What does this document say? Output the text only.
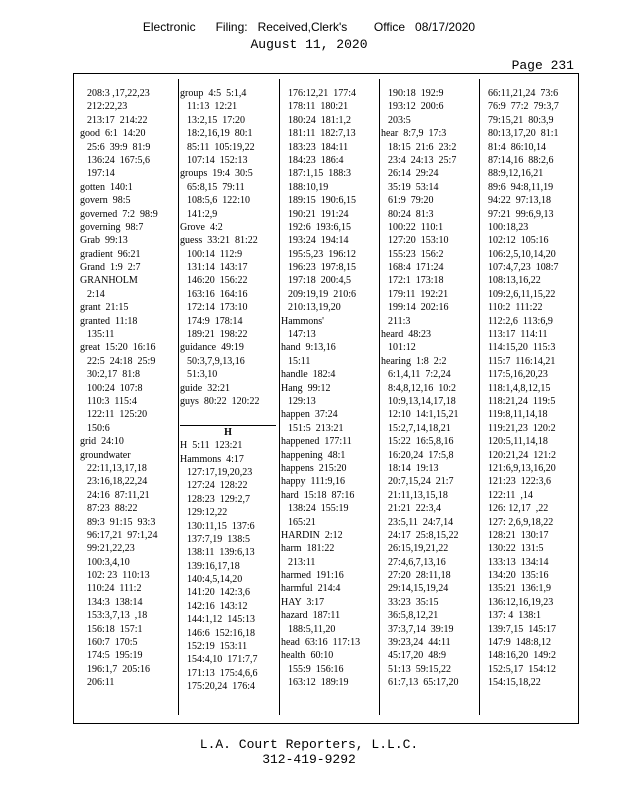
Electronic      Filing:   Received,Clerk's        Office   08/17/2020
August 11, 2020
Page 231
208:3 ,17,22,23
212:22,23
213:17  214:22
good  6:1  14:20
25:6  39:9  81:9
136:24  167:5,6
197:14
gotten  140:1
govern  98:5
governed  7:2  98:9
governing  98:7
Grab  99:13
gradient  96:21
Grand  1:9  2:7
GRANHOLM
2:14
grant  21:15
granted  11:18
135:11
great  15:20  16:16
22:5  24:18  25:9
30:2,17  81:8
100:24  107:8
110:3  115:4
122:11  125:20
150:6
grid  24:10
groundwater
22:11,13,17,18
23:16,18,22,24
24:16  87:11,21
87:23  88:22
89:3  91:15  93:3
96:17,21  97:1,24
99:21,22,23
100:3,4,10
102: 23  110:13
110:24  111:2
134:3  138:14
153:3,7,13  ,18
156:18  157:1
160:7  170:5
174:5  195:19
196:1,7  205:16
206:11
group  4:5  5:1,4
11:13  12:21
13:2,15  17:20
18:2,16,19  80:1
85:11  105:19,22
107:14  152:13
groups  19:4  30:5
65:8,15  79:11
108:5,6  122:10
141:2,9
Grove  4:2
guess  33:21  81:22
100:14  112:9
131:14  143:17
146:20  156:22
163:16  164:16
172:14  173:10
174:9  178:14
189:21  198:22
guidance  49:19
50:3,7,9,13,16
51:3,10
guide  32:21
guys  80:22  120:22
H
H  5:11  123:21
Hammons  4:17
127:17,19,20,23
127:24  128:22
128:23  129:2,7
129:12,22
130:11,15  137:6
137:7,19  138:5
138:11  139:6,13
139:16,17,18
140:4,5,14,20
141:20  142:3,6
142:16  143:12
144:1,12  145:13
146:6  152:16,18
152:19  153:11
154:4,10  171:7,7
171:13  175:4,6,6
175:20,24  176:4
176:12,21  177:4
178:11  180:21
180:24  181:1,2
181:11  182:7,13
183:23  184:11
184:23  186:4
187:1,15  188:3
188:10,19
189:15  190:6,15
190:21  191:24
192:6  193:6,15
193:24  194:14
195:5,23  196:12
196:23  197:8,15
197:18  200:4,5
209:19,19  210:6
210:13,19,20
Hammons'
147:13
hand  9:13,16
15:11
handle  182:4
Hang  99:12
129:13
happen  37:24
151:5  213:21
happened  177:11
happening  48:1
happens  215:20
happy  111:9,16
hard  15:18  87:16
138:24  155:19
165:21
HARDIN  2:12
harm  181:22
213:11
harmed  191:16
harmful  214:4
HAY  3:17
hazard  187:11
188:5,11,20
head  63:16  117:13
health  60:10
155:9  156:16
163:12  189:19
190:18  192:9
193:12  200:6
203:5
hear  8:7,9  17:3
18:15  21:6  23:2
23:4  24:13  25:7
26:14  29:24
35:19  53:14
61:9  79:20
80:24  81:3
100:22  110:1
127:20  153:10
155:23  156:2
168:4  171:24
172:1  173:18
179:11  192:21
199:14  202:16
211:3
heard  48:23
101:12
hearing  1:8  2:2
6:1,4,11  7:2,24
8:4,8,12,16  10:2
10:9,13,14,17,18
12:10  14:1,15,21
15:2,7,14,18,21
15:22  16:5,8,16
16:20,24  17:5,8
18:14  19:13
20:7,15,24  21:7
21:11,13,15,18
21:21  22:3,4
23:5,11  24:7,14
24:17  25:8,15,22
26:15,19,21,22
27:4,6,7,13,16
27:20  28:11,18
29:14,15,19,24
33:23  35:15
36:5,8,12,21
37:3,7,14  39:19
39:23,24  44:11
45:17,20  48:9
51:13  59:15,22
61:7,13  65:17,20
66:11,21,24  73:6
76:9  77:2  79:3,7
79:15,21  80:3,9
80:13,17,20  81:1
81:4  86:10,14
87:14,16  88:2,6
88:9,12,16,21
89:6  94:8,11,19
94:22  97:13,18
97:21  99:6,9,13
100:18,23
102:12  105:16
106:2,5,10,14,20
107:4,7,23  108:7
108:13,16,22
109:2,6,11,15,22
110:2  111:22
112:2,6  113:6,9
113:17  114:11
114:15,20  115:3
115:7  116:14,21
117:5,16,20,23
118:1,4,8,12,15
118:21,24  119:5
119:8,11,14,18
119:21,23  120:2
120:5,11,14,18
120:21,24  121:2
121:6,9,13,16,20
121:23  122:3,6
122:11  ,14
126: 12,17  ,22
127: 2,6,9,18,22
128:21  130:17
130:22  131:5
133:13  134:14
134:20  135:16
135:21  136:1,9
136:12,16,19,23
137: 4  138:1
139:7,15  145:17
147:9  148:8,12
148:16,20  149:2
152:5,17  154:12
154:15,18,22
L.A. Court Reporters, L.L.C.
312-419-9292
